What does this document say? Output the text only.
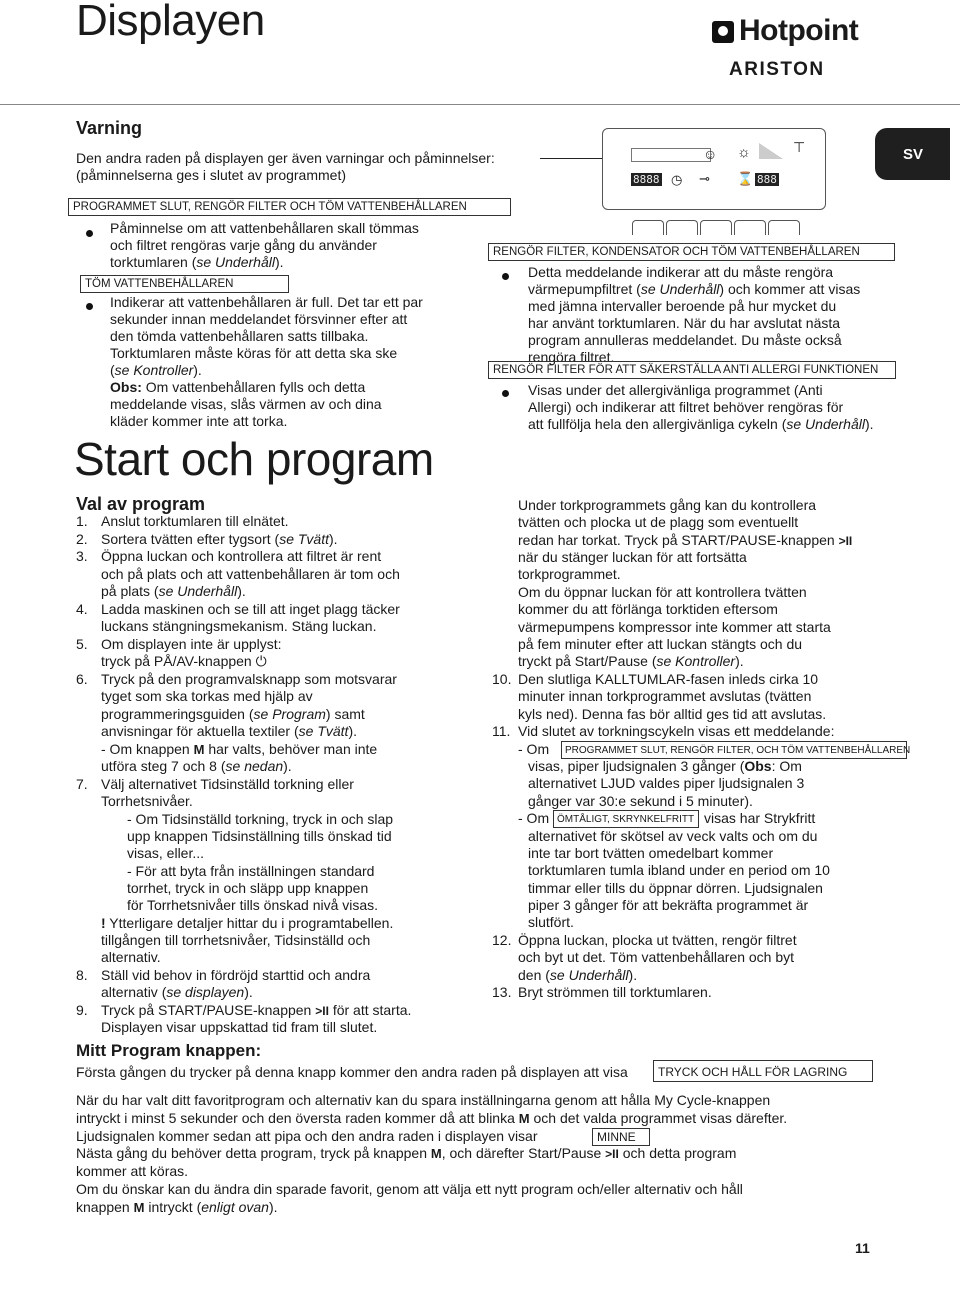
Displayen	Hotpoint
ARISTON
SV
Varning
Den andra raden på displayen ger även varningar och påminnelser:
(påminnelserna ges i slutet av programmet)
☺ ☼	⊤
8888 ◷ ⊸ ⌛ 888
PROGRAMMET SLUT, RENGÖR FILTER OCH TÖM VATTENBEHÅLLAREN
Påminnelse om att vattenbehållaren skall tömmas
och filtret rengöras varje gång du använder
torktumlaren (se Underhåll).
TÖM VATTENBEHÅLLAREN
Indikerar att vattenbehållaren är full. Det tar ett par
sekunder innan meddelandet försvinner efter att
den tömda vattenbehållaren satts tillbaka.
Torktumlaren måste köras för att detta ska ske
(se Kontroller).
Obs: Om vattenbehållaren fylls och detta
meddelande visas, slås värmen av och dina
kläder kommer inte att torka.
RENGÖR FILTER, KONDENSATOR OCH TÖM VATTENBEHÅLLAREN
Detta meddelande indikerar att du måste rengöra
värmepumpfiltret (se Underhåll) och kommer att visas
med jämna intervaller beroende på hur mycket du
har använt torktumlaren. När du har avslutat nästa
program annulleras meddelandet. Du måste också
rengöra filtret.
RENGÖR FILTER FÖR ATT SÄKERSTÄLLA ANTI ALLERGI FUNKTIONEN
Visas under det allergivänliga programmet (Anti
Allergi) och indikerar att filtret behöver rengöras för
att fullfölja hela den allergivänliga cykeln (se Underhåll).
Start och program
Val av program
1. Anslut torktumlaren till elnätet.
2. Sortera tvätten efter tygsort (se Tvätt).
3. Öppna luckan och kontrollera att filtret är rent
och på plats och att vattenbehållaren är tom och
på plats (se Underhåll).
4. Ladda maskinen och se till att inget plagg täcker
luckans stängningsmekanism. Stäng luckan.
5. Om displayen inte är upplyst:
tryck på PÅ/AV-knappen ⏻
6. Tryck på den programvalsknapp som motsvarar
tyget som ska torkas med hjälp av
programmeringsguiden (se Program) samt
anvisningar för aktuella textiler (se Tvätt).
- Om knappen M har valts, behöver man inte
utföra steg 7 och 8 (se nedan).
7. Välj alternativet Tidsinställd torkning eller
Torrhetsnivåer.
- Om Tidsinställd torkning, tryck in och slap
upp knappen Tidsinställning tills önskad tid
visas, eller...
- För att byta från inställningen standard
torrhet, tryck in och släpp upp knappen
för Torrhetsnivåer tills önskad nivå visas.
! Ytterligare detaljer hittar du i programtabellen.
tillgången till torrhetsnivåer, Tidsinställd och
alternativ.
8. Ställ vid behov in fördröjd starttid och andra
alternativ (se displayen).
9. Tryck på START/PAUSE-knappen >II för att starta.
Displayen visar uppskattad tid fram till slutet.
Under torkprogrammets gång kan du kontrollera
tvätten och plocka ut de plagg som eventuellt
redan har torkat. Tryck på START/PAUSE-knappen >II
när du stänger luckan för att fortsätta
torkprogrammet.
Om du öppnar luckan för att kontrollera tvätten
kommer du att förlänga torktiden eftersom
värmepumpens kompressor inte kommer att starta
på fem minuter efter att luckan stängts och du
tryckt på Start/Pause (se Kontroller).
10. Den slutliga KALLTUMLAR-fasen inleds cirka 10
minuter innan torkprogrammet avslutas (tvätten
kyls ned). Denna fas bör alltid ges tid att avslutas.
11. Vid slutet av torkningscykeln visas ett meddelande:
- Om	PROGRAMMET SLUT, RENGÖR FILTER, OCH TÖM VATTENBEHÅLLAREN
visas, piper ljudsignalen 3 gånger (Obs: Om
alternativet LJUD valdes piper ljudsignalen 3
gånger var 30:e sekund i 5 minuter).
- Om ÖMTÅLIGT, SKRYNKELFRITT visas har Strykfritt
alternativet för skötsel av veck valts och om du
inte tar bort tvätten omedelbart kommer
torktumlaren tumla ibland under en period om 10
timmar eller tills du öppnar dörren. Ljudsignalen
piper 3 gånger för att bekräfta programmet är
slutfört.
12. Öppna luckan, plocka ut tvätten, rengör filtret
och byt ut det. Töm vattenbehållaren och byt
den (se Underhåll).
13. Bryt strömmen till torktumlaren.
Mitt Program knappen:
Första gången du trycker på denna knapp kommer den andra raden på displayen att visa	TRYCK OCH HÅLL FÖR LAGRING
När du har valt ditt favoritprogram och alternativ kan du spara inställningarna genom att hålla My Cycle-knappen
intryckt i minst 5 sekunder och den översta raden kommer då att blinka M och det valda programmet visas därefter.
Ljudsignalen kommer sedan att pipa och den andra raden i displayen visar	MINNE
Nästa gång du behöver detta program, tryck på knappen M, och därefter Start/Pause >II och detta program
kommer att köras.
Om du önskar kan du ändra din sparade favorit, genom att välja ett nytt program och/eller alternativ och håll
knappen M intryckt (enligt ovan).
11
